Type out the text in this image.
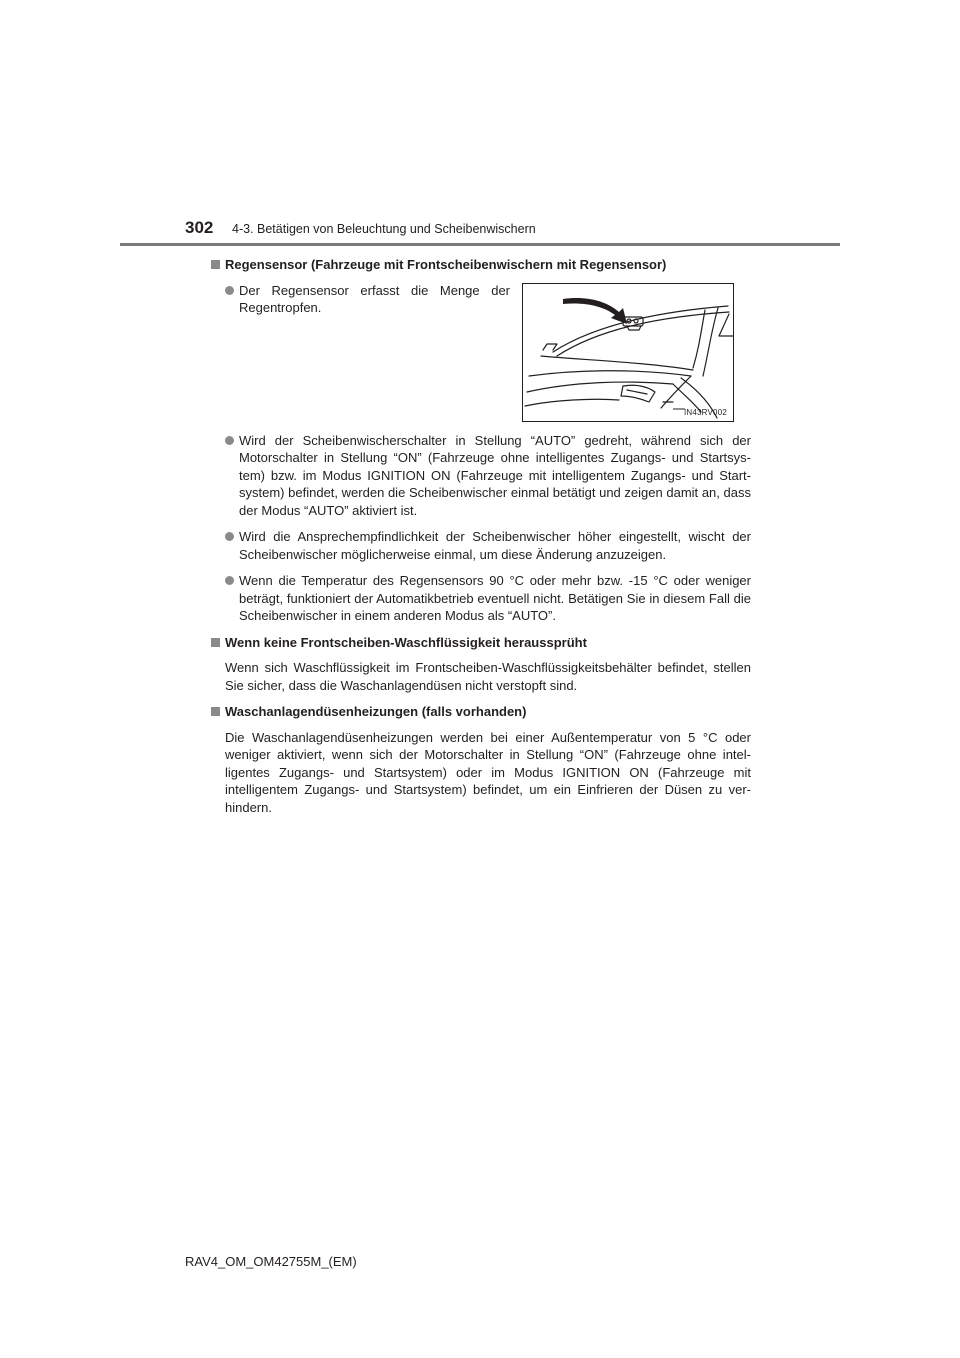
302 4-3. Betätigen von Beleuchtung und Scheibenwischern
Regensensor (Fahrzeuge mit Frontscheibenwischern mit Regensensor)
Der Regensensor erfasst die Menge der Regentropfen.
Wird der Scheibenwischerschalter in Stellung “AUTO” gedreht, während sich der Motorschalter in Stellung “ON” (Fahrzeuge ohne intelligentes Zugangs- und Startsys-tem) bzw. im Modus IGNITION ON (Fahrzeuge mit intelligentem Zugangs- und Start-system) befindet, werden die Scheibenwischer einmal betätigt und zeigen damit an, dass der Modus “AUTO” aktiviert ist.
Wird die Ansprechempfindlichkeit der Scheibenwischer höher eingestellt, wischt der Scheibenwischer möglicherweise einmal, um diese Änderung anzuzeigen.
Wenn die Temperatur des Regensensors 90 °C oder mehr bzw. -15 °C oder weniger beträgt, funktioniert der Automatikbetrieb eventuell nicht. Betätigen Sie in diesem Fall die Scheibenwischer in einem anderen Modus als “AUTO”.
Wenn keine Frontscheiben-Waschflüssigkeit heraussprüht

Wenn sich Waschflüssigkeit im Frontscheiben-Waschflüssigkeitsbehälter befindet, stellen Sie sicher, dass die Waschanlagendüsen nicht verstopft sind.

Waschanlagendüsenheizungen (falls vorhanden)

Die Waschanlagendüsenheizungen werden bei einer Außentemperatur von 5 °C oder weniger aktiviert, wenn sich der Motorschalter in Stellung “ON” (Fahrzeuge ohne intel-ligentes Zugangs- und Startsystem) oder im Modus IGNITION ON (Fahrzeuge mit intelligentem Zugangs- und Startsystem) befindet, um ein Einfrieren der Düsen zu ver-hindern.

IN43RV002
RAV4_OM_OM42755M_(EM)
